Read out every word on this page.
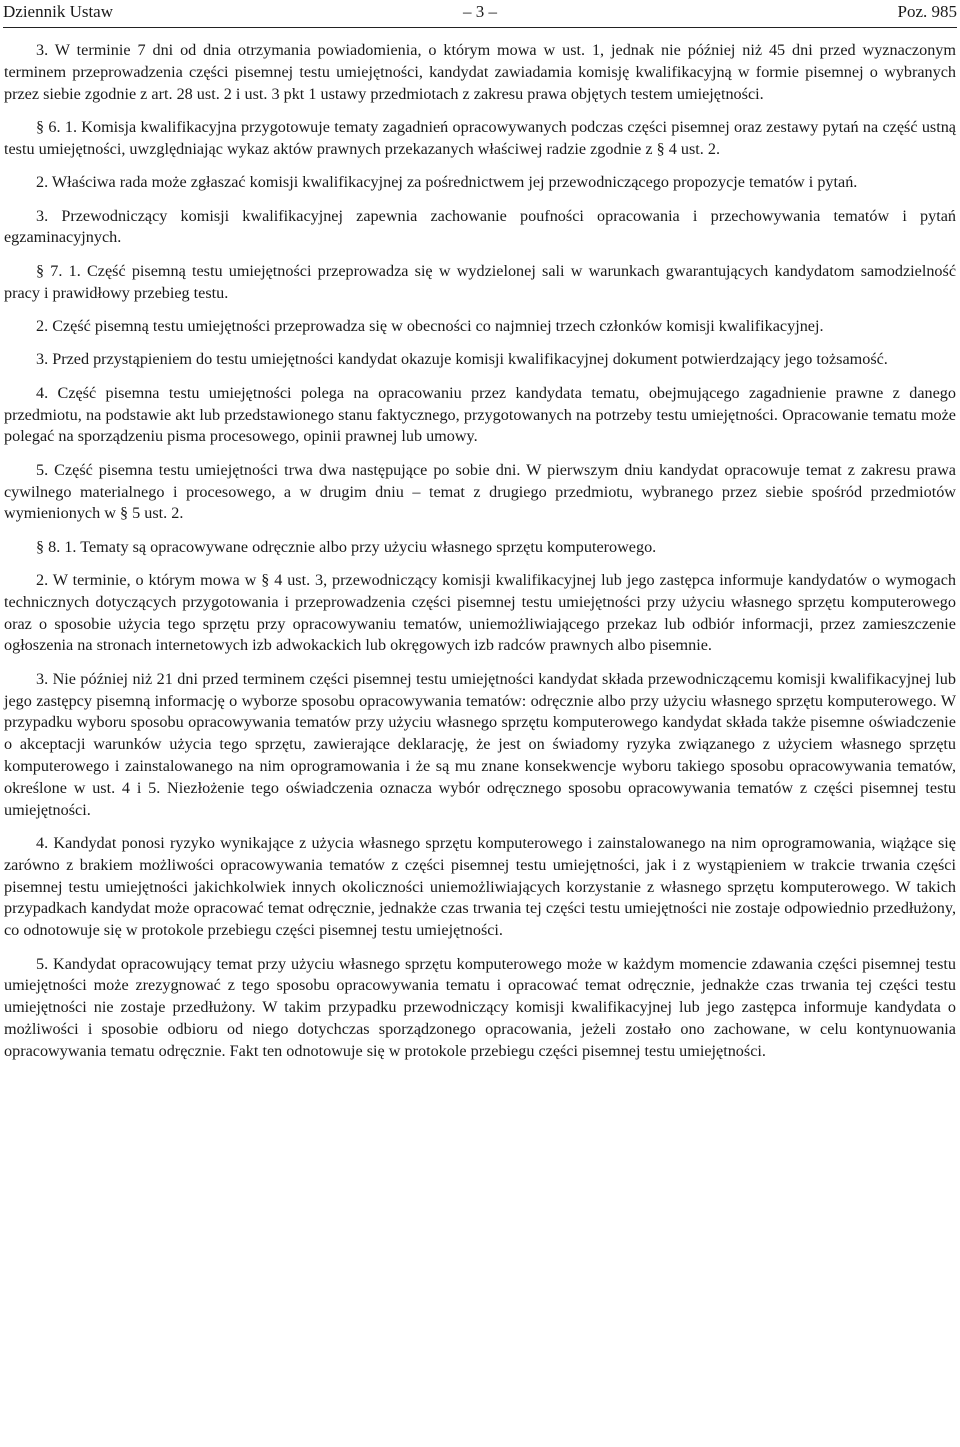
Dziennik Ustaw	– 3 –	Poz. 985

3. W terminie 7 dni od dnia otrzymania powiadomienia, o którym mowa w ust. 1, jednak nie później niż 45 dni przed wyznaczonym terminem przeprowadzenia części pisemnej testu umiejętności, kandydat zawiadamia komisję kwalifikacyjną w formie pisemnej o wybranych przez siebie zgodnie z art. 28 ust. 2 i ust. 3 pkt 1 ustawy przedmiotach z zakresu prawa objętych testem umiejętności.

§ 6. 1. Komisja kwalifikacyjna przygotowuje tematy zagadnień opracowywanych podczas części pisemnej oraz zestawy pytań na część ustną testu umiejętności, uwzględniając wykaz aktów prawnych przekazanych właściwej radzie zgodnie z § 4 ust. 2.

2. Właściwa rada może zgłaszać komisji kwalifikacyjnej za pośrednictwem jej przewodniczącego propozycje tematów i pytań.

3. Przewodniczący komisji kwalifikacyjnej zapewnia zachowanie poufności opracowania i przechowywania tematów i pytań egzaminacyjnych.

§ 7. 1. Część pisemną testu umiejętności przeprowadza się w wydzielonej sali w warunkach gwarantujących kandydatom samodzielność pracy i prawidłowy przebieg testu.

2. Część pisemną testu umiejętności przeprowadza się w obecności co najmniej trzech członków komisji kwalifikacyjnej.

3. Przed przystąpieniem do testu umiejętności kandydat okazuje komisji kwalifikacyjnej dokument potwierdzający jego tożsamość.

4. Część pisemna testu umiejętności polega na opracowaniu przez kandydata tematu, obejmującego zagadnienie prawne z danego przedmiotu, na podstawie akt lub przedstawionego stanu faktycznego, przygotowanych na potrzeby testu umiejętności. Opracowanie tematu może polegać na sporządzeniu pisma procesowego, opinii prawnej lub umowy.

5. Część pisemna testu umiejętności trwa dwa następujące po sobie dni. W pierwszym dniu kandydat opracowuje temat z zakresu prawa cywilnego materialnego i procesowego, a w drugim dniu – temat z drugiego przedmiotu, wybranego przez siebie spośród przedmiotów wymienionych w § 5 ust. 2.

§ 8. 1. Tematy są opracowywane odręcznie albo przy użyciu własnego sprzętu komputerowego.

2. W terminie, o którym mowa w § 4 ust. 3, przewodniczący komisji kwalifikacyjnej lub jego zastępca informuje kandydatów o wymogach technicznych dotyczących przygotowania i przeprowadzenia części pisemnej testu umiejętności przy użyciu własnego sprzętu komputerowego oraz o sposobie użycia tego sprzętu przy opracowywaniu tematów, uniemożliwiającego przekaz lub odbiór informacji, przez zamieszczenie ogłoszenia na stronach internetowych izb adwokackich lub okręgowych izb radców prawnych albo pisemnie.

3. Nie później niż 21 dni przed terminem części pisemnej testu umiejętności kandydat składa przewodniczącemu komisji kwalifikacyjnej lub jego zastępcy pisemną informację o wyborze sposobu opracowywania tematów: odręcznie albo przy użyciu własnego sprzętu komputerowego. W przypadku wyboru sposobu opracowywania tematów przy użyciu własnego sprzętu komputerowego kandydat składa także pisemne oświadczenie o akceptacji warunków użycia tego sprzętu, zawierające deklarację, że jest on świadomy ryzyka związanego z użyciem własnego sprzętu komputerowego i zainstalowanego na nim oprogramowania i że są mu znane konsekwencje wyboru takiego sposobu opracowywania tematów, określone w ust. 4 i 5. Niezłożenie tego oświadczenia oznacza wybór odręcznego sposobu opracowywania tematów z części pisemnej testu umiejętności.

4. Kandydat ponosi ryzyko wynikające z użycia własnego sprzętu komputerowego i zainstalowanego na nim oprogramowania, wiążące się zarówno z brakiem możliwości opracowywania tematów z części pisemnej testu umiejętności, jak i z wystąpieniem w trakcie trwania części pisemnej testu umiejętności jakichkolwiek innych okoliczności uniemożliwiających korzystanie z własnego sprzętu komputerowego. W takich przypadkach kandydat może opracować temat odręcznie, jednakże czas trwania tej części testu umiejętności nie zostaje odpowiednio przedłużony, co odnotowuje się w protokole przebiegu części pisemnej testu umiejętności.

5. Kandydat opracowujący temat przy użyciu własnego sprzętu komputerowego może w każdym momencie zdawania części pisemnej testu umiejętności może zrezygnować z tego sposobu opracowywania tematu i opracować temat odręcznie, jednakże czas trwania tej części testu umiejętności nie zostaje przedłużony. W takim przypadku przewodniczący komisji kwalifikacyjnej lub jego zastępca informuje kandydata o możliwości i sposobie odbioru od niego dotychczas sporządzonego opracowania, jeżeli zostało ono zachowane, w celu kontynuowania opracowywania tematu odręcznie. Fakt ten odnotowuje się w protokole przebiegu części pisemnej testu umiejętności.
